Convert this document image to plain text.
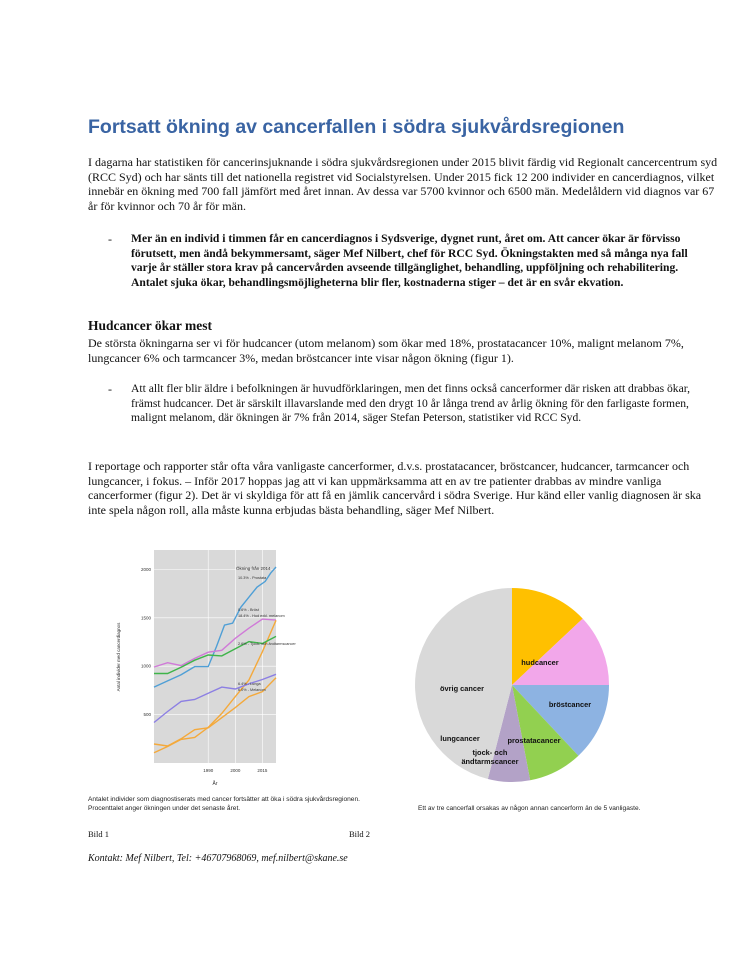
Fortsatt ökning av cancerfallen i södra sjukvårdsregionen
I dagarna har statistiken för cancerinsjuknande i södra sjukvårdsregionen under 2015 blivit färdig vid Regionalt cancercentrum syd (RCC Syd) och har sänts till det nationella registret vid Socialstyrelsen. Under 2015 fick 12 200 individer en cancerdiagnos, vilket innebär en ökning med 700 fall jämfört med året innan. Av dessa var 5700 kvinnor och 6500 män. Medelåldern vid diagnos var 67 år för kvinnor och 70 år för män.
- Mer än en individ i timmen får en cancerdiagnos i Sydsverige, dygnet runt, året om. Att cancer ökar är förvisso förutsett, men ändå bekymmersamt, säger Mef Nilbert, chef för RCC Syd. Ökningstakten med så många nya fall varje år ställer stora krav på cancervården avseende tillgänglighet, behandling, uppföljning och rehabilitering. Antalet sjuka ökar, behandlingsmöjligheterna blir fler, kostnaderna stiger – det är en svår ekvation.
Hudcancer ökar mest
De största ökningarna ser vi för hudcancer (utom melanom) som ökar med 18%, prostatacancer 10%, malignt melanom 7%, lungcancer 6% och tarmcancer 3%, medan bröstcancer inte visar någon ökning (figur 1).
- Att allt fler blir äldre i befolkningen är huvudförklaringen, men det finns också cancerformer där risken att drabbas ökar, främst hudcancer. Det är särskilt illavarslande med den drygt 10 år långa trend av årlig ökning för den farligaste formen, malignt melanom, där ökningen är 7% från 2014, säger Stefan Peterson, statistiker vid RCC Syd.
I reportage och rapporter står ofta våra vanligaste cancerformer, d.v.s. prostatacancer, bröstcancer, hudcancer, tarmcancer och lungcancer, i fokus. – Inför 2017 hoppas jag att vi kan uppmärksamma att en av tre patienter drabbas av mindre vanliga cancerformer (figur 2). Det är vi skyldiga för att få en jämlik cancervård i södra Sverige. Hur känd eller vanlig diagnosen är ska inte spela någon roll, alla måste kunna erbjudas bästa behandling, säger Mef Nilbert.
500
1000
1500
2000
1990	2000	2015
Ökning från 2014
10.3% - Prostata
0.6% - Bröst
18.4% - Hud exkl. melanom
2.6% - Tjock- och ändtarmscancer
6.4% - Lunga
6.0% - Melanom
År
Antal individer med cancerdiagnos
Antalet individer som diagnostiserats med cancer fortsätter att öka i södra sjukvårdsregionen. Procenttalet anger ökningen under det senaste året.
hudcancer
bröstcancer
prostatacancer
tjock- och ändtarmscancer
lungcancer
övrig cancer
Ett av tre cancerfall orsakas av någon annan cancerform än de 5 vanligaste.
Bild 1	Bild 2
Kontakt: Mef Nilbert, Tel: +46707968069, mef.nilbert@skane.se
